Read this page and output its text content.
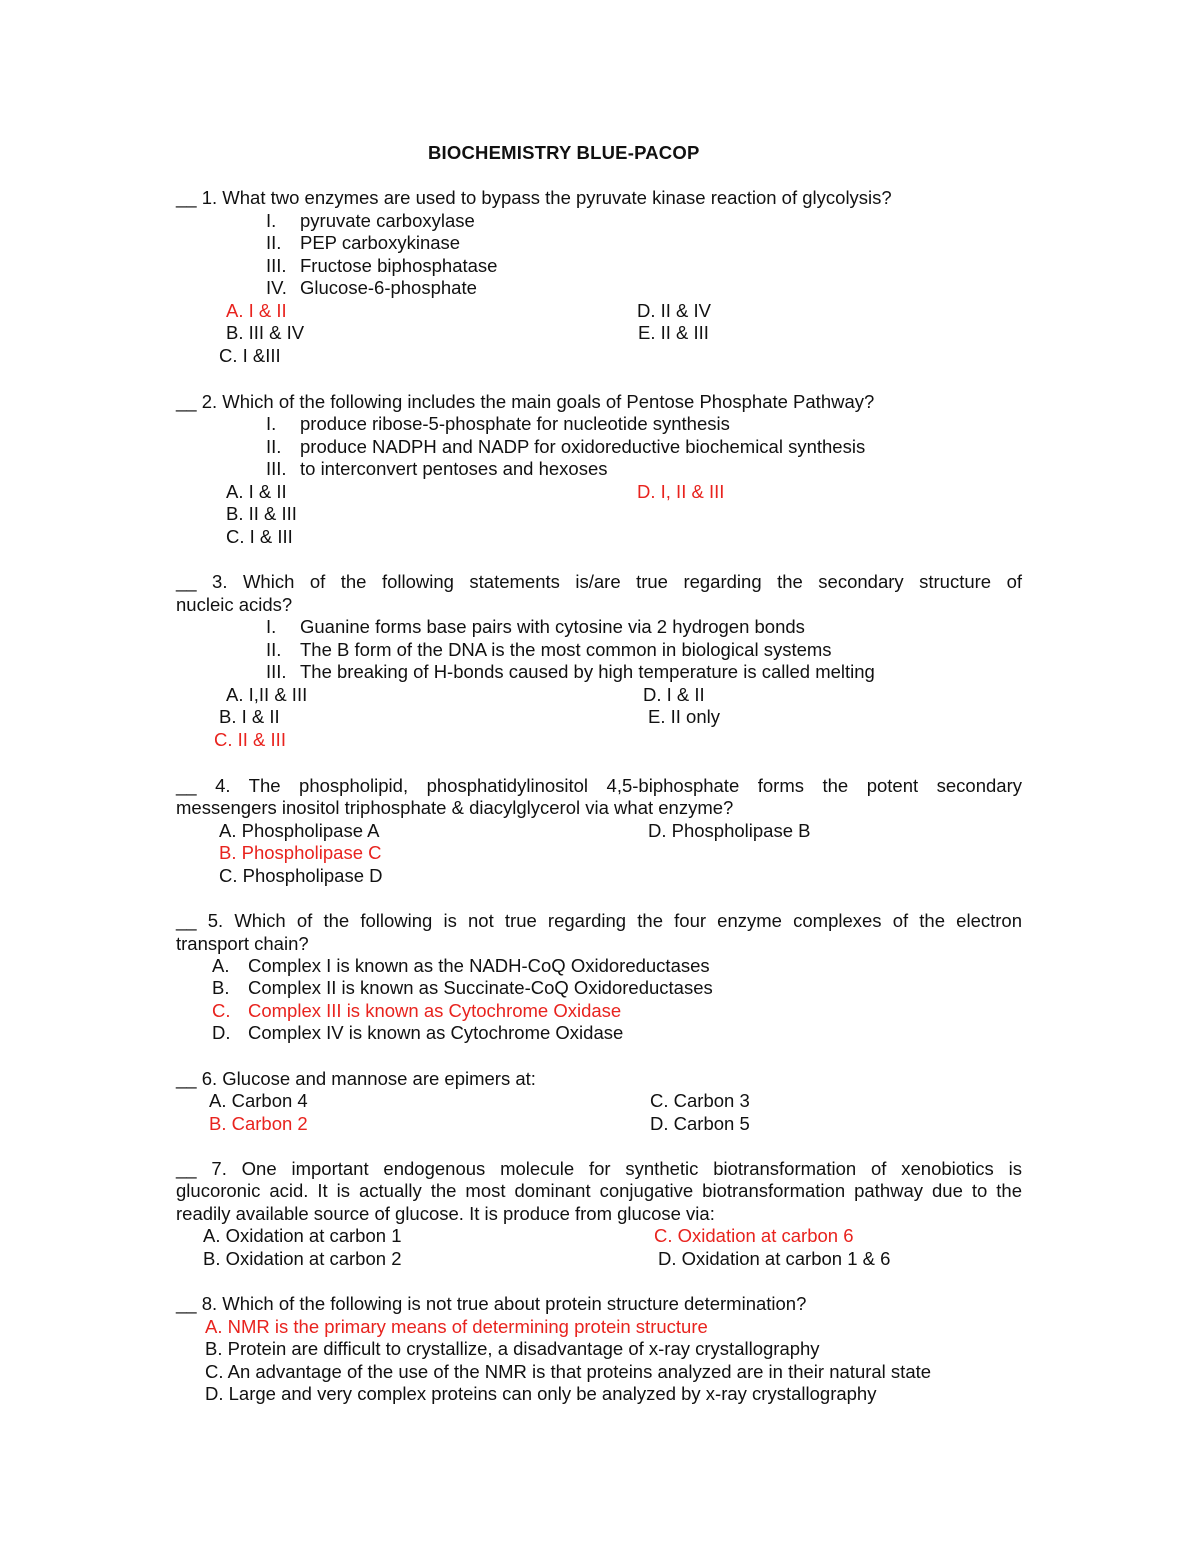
BIOCHEMISTRY BLUE-PACOP
__ 1. What two enzymes are used to bypass the pyruvate kinase reaction of glycolysis?
I. pyruvate carboxylase
II. PEP carboxykinase
III. Fructose biphosphatase
IV. Glucose-6-phosphate
A. I & II	D. II & IV
B. III & IV	E. II & III
C. I &III
__ 2. Which of the following includes the main goals of Pentose Phosphate Pathway?
I. produce ribose-5-phosphate for nucleotide synthesis
II. produce NADPH and NADP for oxidoreductive biochemical synthesis
III. to interconvert pentoses and hexoses
A. I & II	D. I, II & III
B. II & III
C. I & III
__ 3. Which of the following statements is/are true regarding the secondary structure of
nucleic acids?
I. Guanine forms base pairs with cytosine via 2 hydrogen bonds
II. The B form of the DNA is the most common in biological systems
III. The breaking of H-bonds caused by high temperature is called melting
A. I,II & III	D. I & II
B. I & II	E. II only
C. II & III
__ 4. The phospholipid, phosphatidylinositol 4,5-biphosphate forms the potent secondary
messengers inositol triphosphate & diacylglycerol via what enzyme?
A. Phospholipase A	D. Phospholipase B
B. Phospholipase C
C. Phospholipase D
__ 5. Which of the following is not true regarding the four enzyme complexes of the electron
transport chain?
A. Complex I is known as the NADH-CoQ Oxidoreductases
B. Complex II is known as Succinate-CoQ Oxidoreductases
C. Complex III is known as Cytochrome Oxidase
D. Complex IV is known as Cytochrome Oxidase
__ 6. Glucose and mannose are epimers at:
A. Carbon 4	C. Carbon 3
B. Carbon 2	D. Carbon 5
__ 7. One important endogenous molecule for synthetic biotransformation of xenobiotics is
glucoronic acid. It is actually the most dominant conjugative biotransformation pathway due to the
readily available source of glucose. It is produce from glucose via:
A. Oxidation at carbon 1	C. Oxidation at carbon 6
B. Oxidation at carbon 2	D. Oxidation at carbon 1 & 6
__ 8. Which of the following is not true about protein structure determination?
A. NMR is the primary means of determining protein structure
B. Protein are difficult to crystallize, a disadvantage of x-ray crystallography
C. An advantage of the use of the NMR is that proteins analyzed are in their natural state
D. Large and very complex proteins can only be analyzed by x-ray crystallography
